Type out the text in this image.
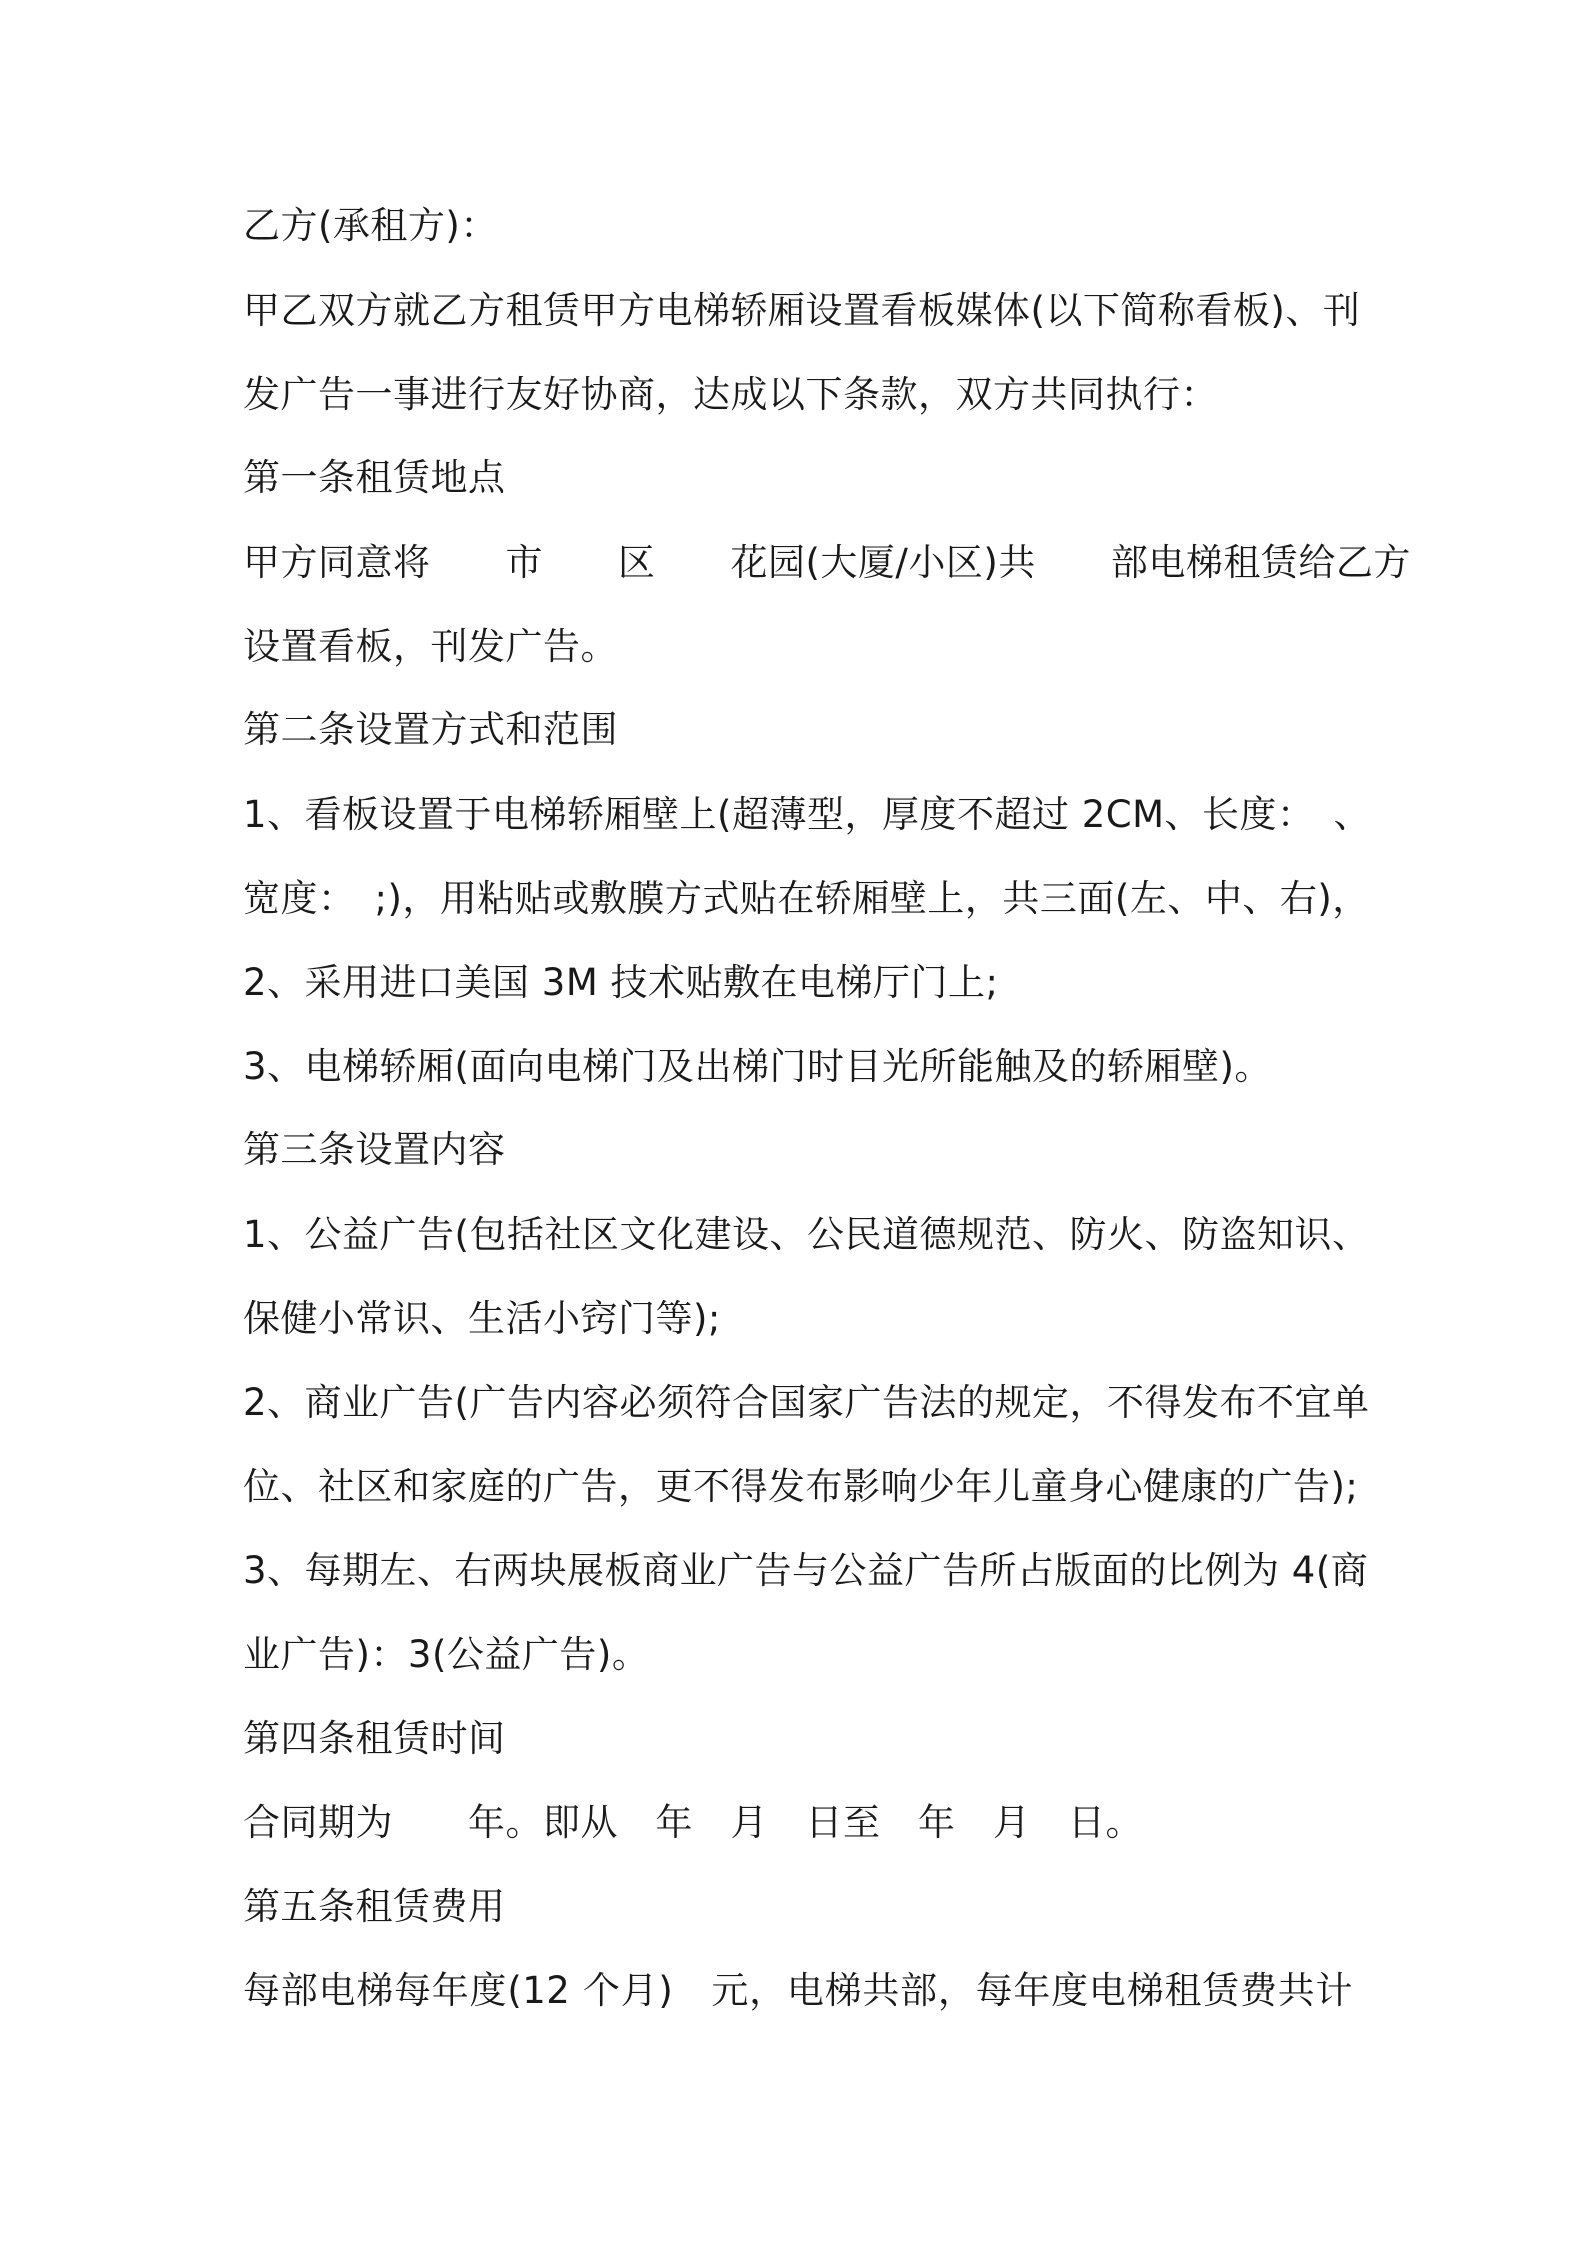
乙方(承租方)：
甲乙双方就乙方租赁甲方电梯轿厢设置看板媒体(以下简称看板)、刊
发广告一事进行友好协商，达成以下条款，双方共同执行：
第一条租赁地点
甲方同意将　　市　　区　　花园(大厦/小区)共　　部电梯租赁给乙方
设置看板，刊发广告。
第二条设置方式和范围
1、看板设置于电梯轿厢壁上(超薄型，厚度不超过 2CM、长度：　、
宽度：　;)，用粘贴或敷膜方式贴在轿厢壁上，共三面(左、中、右)，
2、采用进口美国 3M 技术贴敷在电梯厅门上;
3、电梯轿厢(面向电梯门及出梯门时目光所能触及的轿厢壁)。
第三条设置内容
1、公益广告(包括社区文化建设、公民道德规范、防火、防盗知识、
保健小常识、生活小窍门等);
2、商业广告(广告内容必须符合国家广告法的规定，不得发布不宜单
位、社区和家庭的广告，更不得发布影响少年儿童身心健康的广告);
3、每期左、右两块展板商业广告与公益广告所占版面的比例为 4(商
业广告)：3(公益广告)。
第四条租赁时间
合同期为　　年。即从　年　月　日至　年　月　日。
第五条租赁费用
每部电梯每年度(12 个月)　元，电梯共部，每年度电梯租赁费共计
